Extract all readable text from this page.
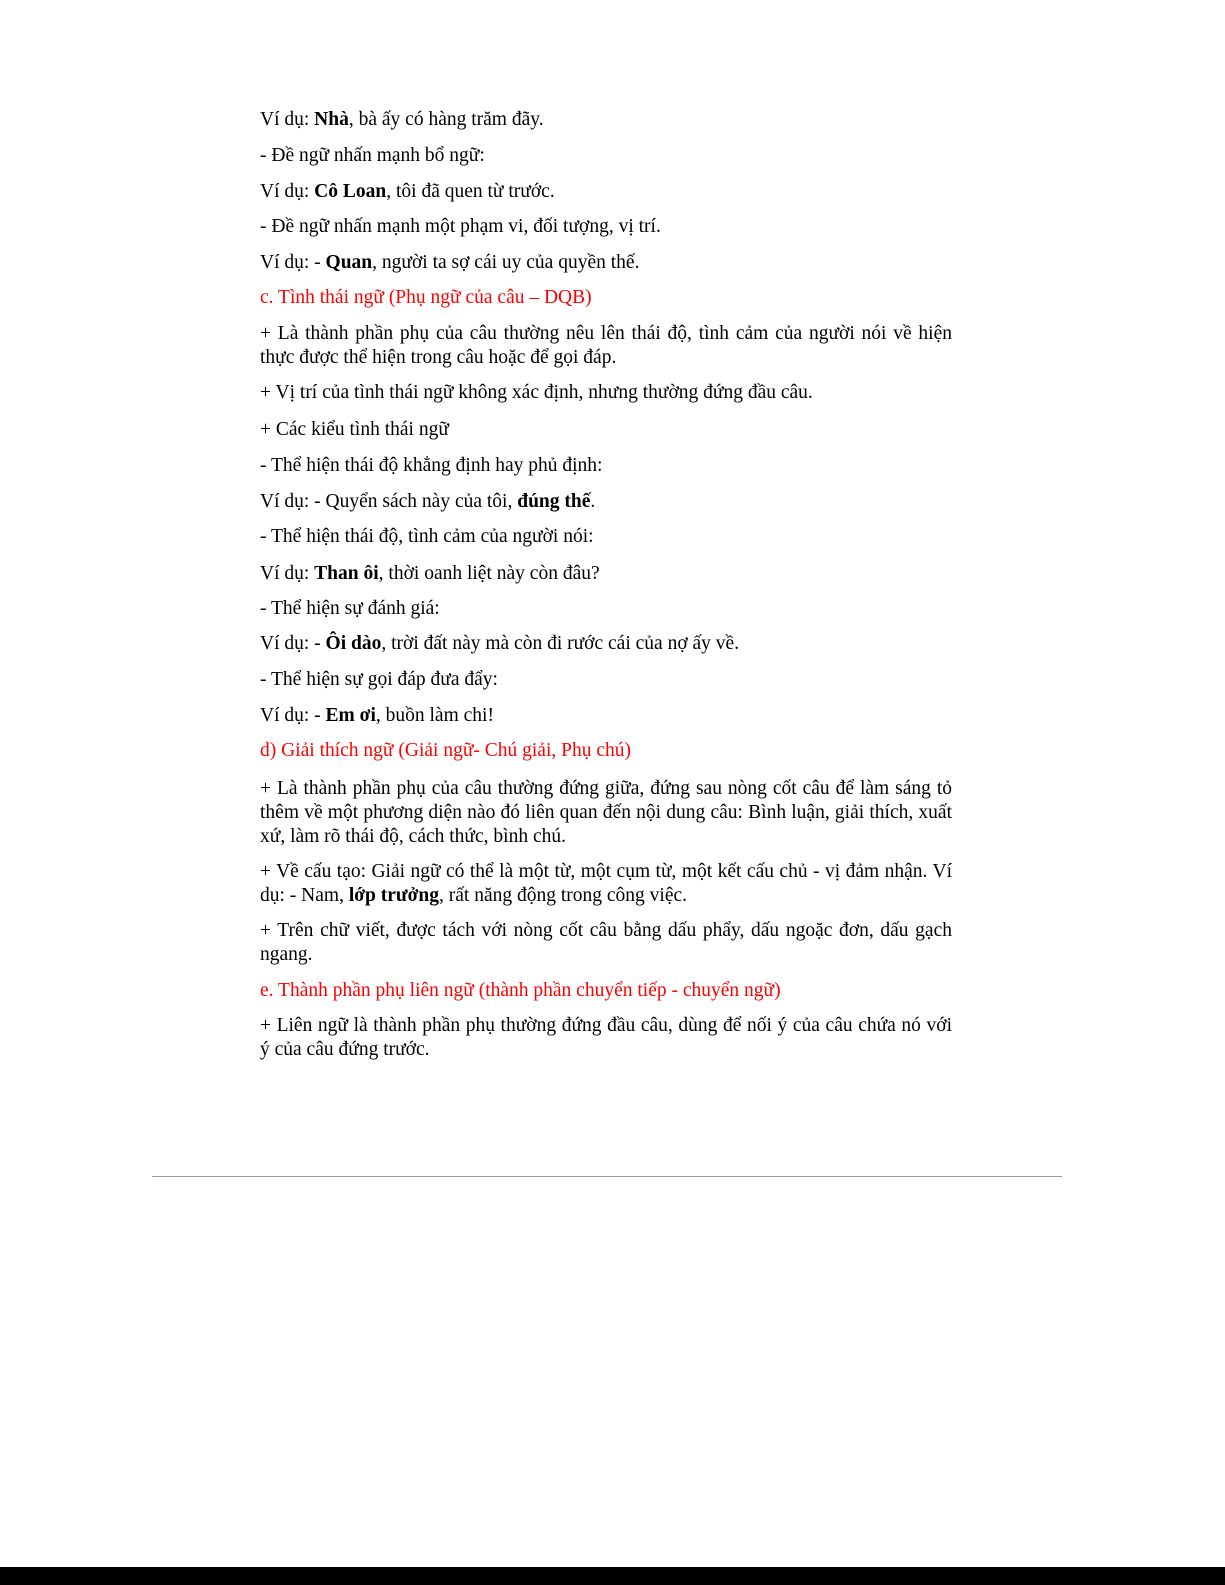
Ví dụ: Nhà, bà ấy có hàng trăm đãy.
- Đề ngữ nhấn mạnh bổ ngữ:
Ví dụ: Cô Loan, tôi đã quen từ trước.
- Đề ngữ nhấn mạnh một phạm vi, đối tượng, vị trí.
Ví dụ: - Quan, người ta sợ cái uy của quyền thế.
c. Tình thái ngữ (Phụ ngữ của câu – DQB)
+ Là thành phần phụ của câu thường nêu lên thái độ, tình cảm của người nói về hiện thực được thể hiện trong câu hoặc để gọi đáp.
+ Vị trí của tình thái ngữ không xác định, nhưng thường đứng đầu câu.
+ Các kiểu tình thái ngữ
- Thể hiện thái độ khẳng định hay phủ định:
Ví dụ: - Quyển sách này của tôi, đúng thế.
- Thể hiện thái độ, tình cảm của người nói:
Ví dụ: Than ôi, thời oanh liệt này còn đâu?
- Thể hiện sự đánh giá:
Ví dụ: - Ôi dào, trời đất này mà còn đi rước cái của nợ ấy về.
- Thể hiện sự gọi đáp đưa đẩy:
Ví dụ: - Em ơi, buồn làm chi!
d) Giải thích ngữ (Giải ngữ- Chú giải, Phụ chú)
+ Là thành phần phụ của câu thường đứng giữa, đứng sau nòng cốt câu để làm sáng tỏ thêm về một phương diện nào đó liên quan đến nội dung câu: Bình luận, giải thích, xuất xứ, làm rõ thái độ, cách thức, bình chú.
+ Về cấu tạo: Giải ngữ có thể là một từ, một cụm từ, một kết cấu chủ - vị đảm nhận. Ví dụ: - Nam, lớp trưởng, rất năng động trong công việc.
+ Trên chữ viết, được tách với nòng cốt câu bằng dấu phẩy, dấu ngoặc đơn, dấu gạch ngang.
e. Thành phần phụ liên ngữ (thành phần chuyển tiếp - chuyển ngữ)
+ Liên ngữ là thành phần phụ thường đứng đầu câu, dùng để nối ý của câu chứa nó với ý của câu đứng trước.
